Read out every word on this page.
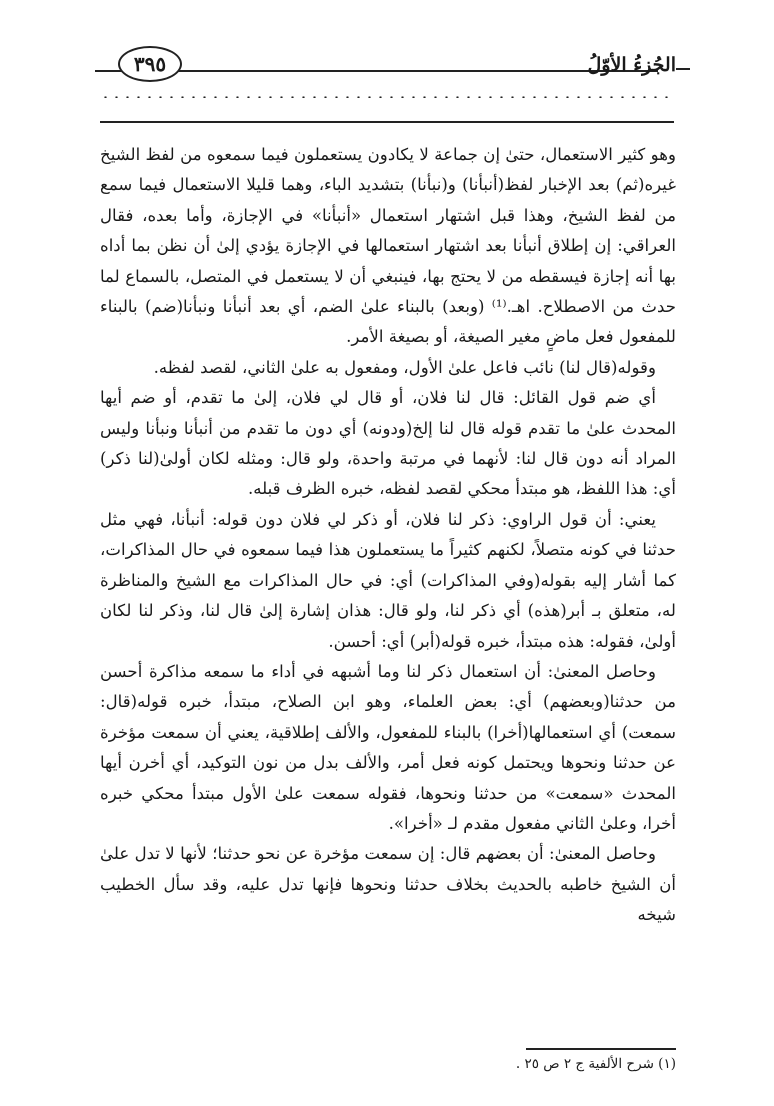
٣٩٥	الجُزءُ الأوّلُ

وهو كثير الاستعمال، حتىٰ إن جماعة لا يكادون يستعملون فيما سمعوه من لفظ الشيخ غيره(ثم) بعد الإخبار لفظ(أنبأنا) و(نبأنا) بتشديد الباء، وهما قليلا الاستعمال فيما سمع من لفظ الشيخ، وهذا قبل اشتهار استعمال «أنبأنا» في الإجازة، وأما بعده، فقال العراقي: إن إطلاق أنبأنا بعد اشتهار استعمالها في الإجازة يؤدي إلىٰ أن نظن بما أداه بها أنه إجازة فيسقطه من لا يحتج بها، فينبغي أن لا يستعمل في المتصل، بالسماع لما حدث من الاصطلاح. اهـ.⁽¹⁾ (وبعد) بالبناء علىٰ الضم، أي بعد أنبأنا ونبأنا(ضم) بالبناء للمفعول فعل ماضٍ مغير الصيغة، أو بصيغة الأمر.

وقوله(قال لنا) نائب فاعل علىٰ الأول، ومفعول به علىٰ الثاني، لقصد لفظه.

أي ضم قول القائل: قال لنا فلان، أو قال لي فلان، إلىٰ ما تقدم، أو ضم أيها المحدث علىٰ ما تقدم قوله قال لنا إلخ(ودونه) أي دون ما تقدم من أنبأنا ونبأنا وليس المراد أنه دون قال لنا: لأنهما في مرتبة واحدة، ولو قال: ومثله لكان أولىٰ(لنا ذكر) أي: هذا اللفظ، هو مبتدأ محكي لقصد لفظه، خبره الظرف قبله.

يعني: أن قول الراوي: ذكر لنا فلان، أو ذكر لي فلان دون قوله: أنبأنا، فهي مثل حدثنا في كونه متصلاً، لكنهم كثيراً ما يستعملون هذا فيما سمعوه في حال المذاكرات، كما أشار إليه بقوله(وفي المذاكرات) أي: في حال المذاكرات مع الشيخ والمناظرة له، متعلق بـ أبر(هذه) أي ذكر لنا، ولو قال: هذان إشارة إلىٰ قال لنا، وذكر لنا لكان أولىٰ، فقوله: هذه مبتدأ، خبره قوله(أبر) أي: أحسن.

وحاصل المعنىٰ: أن استعمال ذكر لنا وما أشبهه في أداء ما سمعه مذاكرة أحسن من حدثنا(وبعضهم) أي: بعض العلماء، وهو ابن الصلاح، مبتدأ، خبره قوله(قال: سمعت) أي استعمالها(أخرا) بالبناء للمفعول، والألف إطلاقية، يعني أن سمعت مؤخرة عن حدثنا ونحوها ويحتمل كونه فعل أمر، والألف بدل من نون التوكيد، أي أخرن أيها المحدث «سمعت» من حدثنا ونحوها، فقوله سمعت علىٰ الأول مبتدأ محكي خبره أخرا، وعلىٰ الثاني مفعول مقدم لـ «أخرا».

وحاصل المعنىٰ: أن بعضهم قال: إن سمعت مؤخرة عن نحو حدثنا؛ لأنها لا تدل علىٰ أن الشيخ خاطبه بالحديث بخلاف حدثنا ونحوها فإنها تدل عليه، وقد سأل الخطيب شيخه

(١) شرح الألفية ج ٢ ص ٢٥ .
